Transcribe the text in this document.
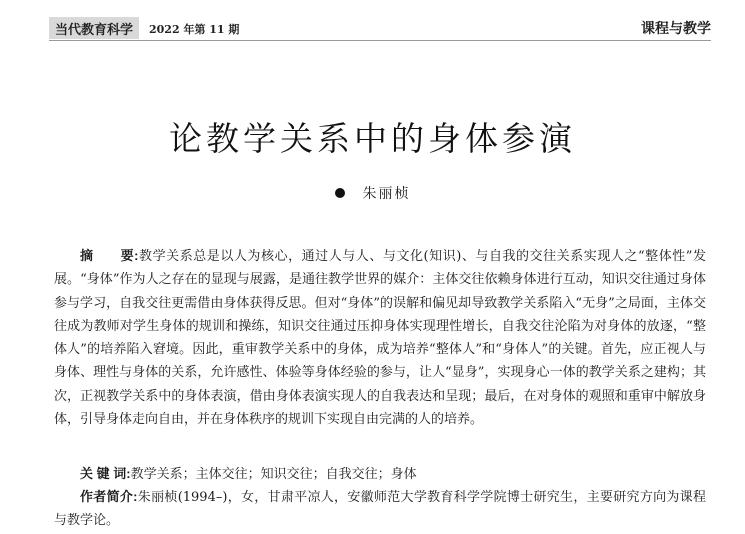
当代教育科学	2022 年第 11 期	课程与教学
论教学关系中的身体参演
朱丽桢

摘　　要:教学关系总是以人为核心，通过人与人、与文化(知识)、与自我的交往关系实现人之“整体性”发展。“身体”作为人之存在的显现与展露，是通往教学世界的媒介：主体交往依赖身体进行互动，知识交往通过身体参与学习，自我交往更需借由身体获得反思。但对“身体”的误解和偏见却导致教学关系陷入“无身”之局面，主体交往成为教师对学生身体的规训和操练，知识交往通过压抑身体实现理性增长，自我交往沦陷为对身体的放逐，“整体人”的培养陷入窘境。因此，重审教学关系中的身体，成为培养“整体人”和“身体人”的关键。首先，应正视人与身体、理性与身体的关系，允许感性、体验等身体经验的参与，让人“显身”，实现身心一体的教学关系之建构；其次，正视教学关系中的身体表演，借由身体表演实现人的自我表达和呈现；最后，在对身体的观照和重审中解放身体，引导身体走向自由，并在身体秩序的规训下实现自由完满的人的培养。

关 键 词:教学关系；主体交往；知识交往；自我交往；身体
作者简介:朱丽桢(1994–)，女，甘肃平凉人，安徽师范大学教育科学学院博士研究生，主要研究方向为课程与教学论。
